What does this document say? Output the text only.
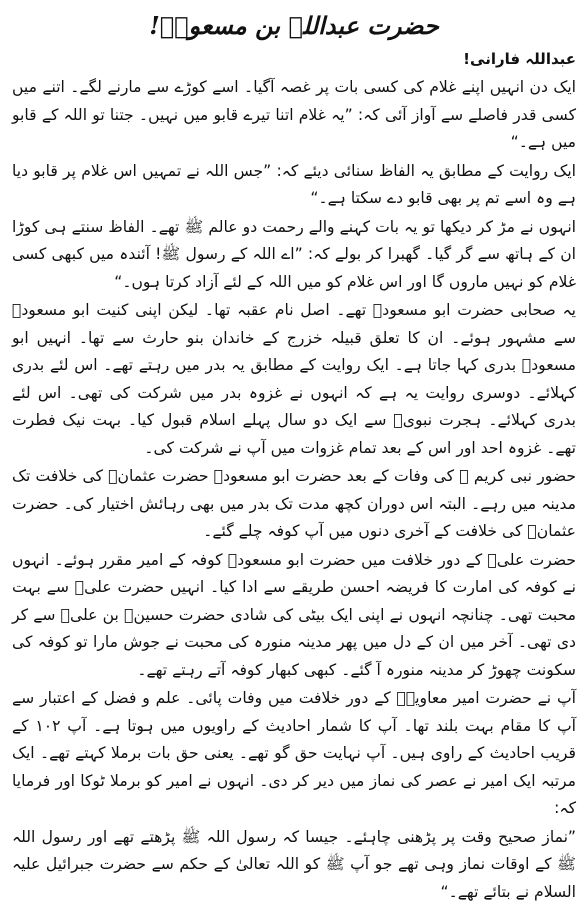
حضرت عبداللہ بن مسعودؓ!
عبداللہ فارانی!

ایک دن انہیں اپنے غلام کی کسی بات پر غصہ آگیا۔ اسے کوڑے سے مارنے لگے۔ اتنے میں کسی قدر فاصلے سے آواز آئی کہ: ”یہ غلام اتنا تیرے قابو میں نہیں۔ جتنا تو اللہ کے قابو میں ہے۔“

ایک روایت کے مطابق یہ الفاظ سنائی دیئے کہ: ”جس اللہ نے تمہیں اس غلام پر قابو دیا ہے وہ اسے تم پر بھی قابو دے سکتا ہے۔“

انہوں نے مڑ کر دیکھا تو یہ بات کہنے والے رحمت دو عالم ﷺ تھے۔ الفاظ سنتے ہی کوڑا ان کے ہاتھ سے گر گیا۔ گھبرا کر بولے کہ: ”اے اللہ کے رسول ﷺ! آئندہ میں کبھی کسی غلام کو نہیں ماروں گا اور اس غلام کو میں اللہ کے لئے آزاد کرتا ہوں۔“

یہ صحابی حضرت ابو مسعودؓ تھے۔ اصل نام عقبہ تھا۔ لیکن اپنی کنیت ابو مسعودؓ سے مشہور ہوئے۔ ان کا تعلق قبیلہ خزرج کے خاندان بنو حارث سے تھا۔ انہیں ابو مسعودؓ بدری کہا جاتا ہے۔ ایک روایت کے مطابق یہ بدر میں رہتے تھے۔ اس لئے بدری کہلائے۔ دوسری روایت یہ ہے کہ انہوں نے غزوہ بدر میں شرکت کی تھی۔ اس لئے بدری کہلائے۔ ہجرت نبویؐ سے ایک دو سال پہلے اسلام قبول کیا۔ بہت نیک فطرت تھے۔ غزوہ احد اور اس کے بعد تمام غزوات میں آپ نے شرکت کی۔

حضور نبی کریم ﷺ کی وفات کے بعد حضرت ابو مسعودؓ حضرت عثمانؓ کی خلافت تک مدینہ میں رہے۔ البتہ اس دوران کچھ مدت تک بدر میں بھی رہائش اختیار کی۔ حضرت عثمانؓ کی خلافت کے آخری دنوں میں آپ کوفہ چلے گئے۔

حضرت علیؓ کے دور خلافت میں حضرت ابو مسعودؓ کوفہ کے امیر مقرر ہوئے۔ انہوں نے کوفہ کی امارت کا فریضہ احسن طریقے سے ادا کیا۔ انہیں حضرت علیؓ سے بہت محبت تھی۔ چنانچہ انہوں نے اپنی ایک بیٹی کی شادی حضرت حسینؓ بن علیؓ سے کر دی تھی۔ آخر میں ان کے دل میں پھر مدینہ منورہ کی محبت نے جوش مارا تو کوفہ کی سکونت چھوڑ کر مدینہ منورہ آ گئے۔ کبھی کبھار کوفہ آتے رہتے تھے۔

آپ نے حضرت امیر معاویہؓ کے دور خلافت میں وفات پائی۔ علم و فضل کے اعتبار سے آپ کا مقام بہت بلند تھا۔ آپ کا شمار احادیث کے راویوں میں ہوتا ہے۔ آپ ۱۰۲ کے قریب احادیث کے راوی ہیں۔ آپ نہایت حق گو تھے۔ یعنی حق بات برملا کہتے تھے۔ ایک مرتبہ ایک امیر نے عصر کی نماز میں دیر کر دی۔ انہوں نے امیر کو برملا ٹوکا اور فرمایا کہ:

”نماز صحیح وقت پر پڑھنی چاہئے۔ جیسا کہ رسول اللہ ﷺ پڑھتے تھے اور رسول اللہ ﷺ کے اوقات نماز وہی تھے جو آپ ﷺ کو اللہ تعالیٰ کے حکم سے حضرت جبرائیل علیہ السلام نے بتائے تھے۔“
